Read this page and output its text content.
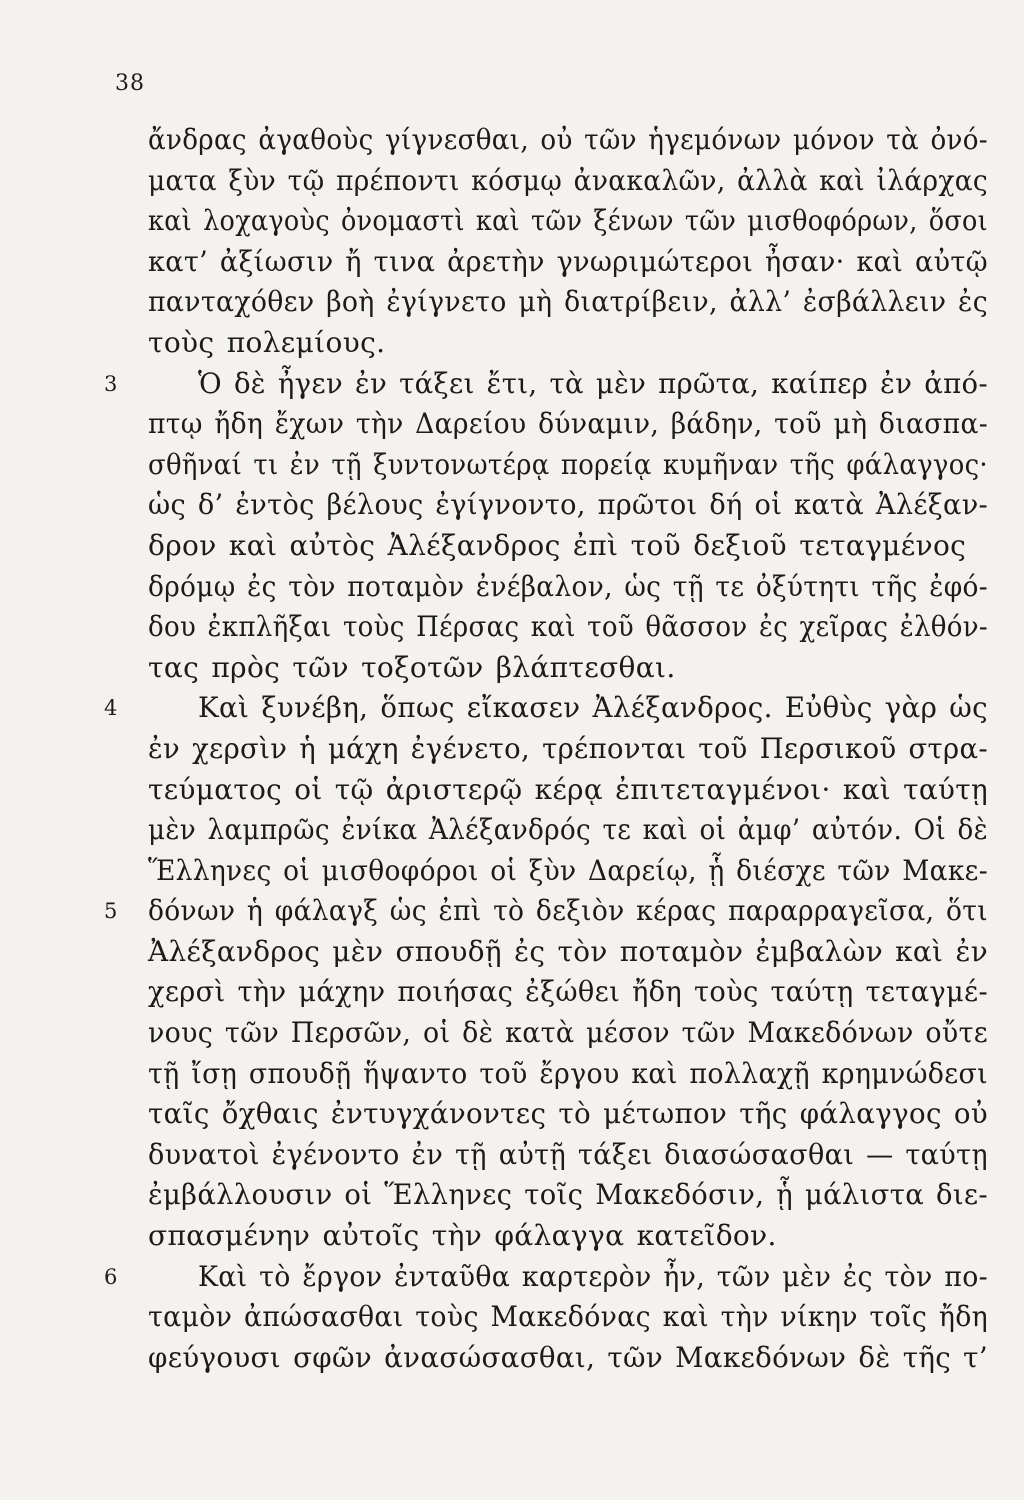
38
ἄνδρας ἀγαθοὺς γίγνεσθαι, οὐ τῶν ἡγεμόνων μόνον τὰ ὀνό-
ματα ξὺν τῷ πρέποντι κόσμῳ ἀνακαλῶν, ἀλλὰ καὶ ἰλάρχας
καὶ λοχαγοὺς ὀνομαστὶ καὶ τῶν ξένων τῶν μισθοφόρων, ὅσοι
κατ’ ἀξίωσιν ἤ τινα ἀρετὴν γνωριμώτεροι ἦσαν· καὶ αὐτῷ
πανταχόθεν βοὴ ἐγίγνετο μὴ διατρίβειν, ἀλλ’ ἐσβάλλειν ἐς
τοὺς πολεμίους.
3	Ὁ δὲ ἦγεν ἐν τάξει ἔτι, τὰ μὲν πρῶτα, καίπερ ἐν ἀπό-
πτῳ ἤδη ἔχων τὴν Δαρείου δύναμιν, βάδην, τοῦ μὴ διασπα-
σθῆναί τι ἐν τῇ ξυντονωτέρᾳ πορείᾳ κυμῆναν τῆς φάλαγγος·
ὡς δ’ ἐντὸς βέλους ἐγίγνοντο, πρῶτοι δή οἱ κατὰ Ἀλέξαν-
δρον καὶ αὐτὸς Ἀλέξανδρος ἐπὶ τοῦ δεξιοῦ τεταγμένος
δρόμῳ ἐς τὸν ποταμὸν ἐνέβαλον, ὡς τῇ τε ὀξύτητι τῆς ἐφό-
δου ἐκπλῆξαι τοὺς Πέρσας καὶ τοῦ θᾶσσον ἐς χεῖρας ἐλθόν-
τας πρὸς τῶν τοξοτῶν βλάπτεσθαι.
4	Καὶ ξυνέβη, ὅπως εἴκασεν Ἀλέξανδρος. Εὐθὺς γὰρ ὡς
ἐν χερσὶν ἡ μάχη ἐγένετο, τρέπονται τοῦ Περσικοῦ στρα-
τεύματος οἱ τῷ ἀριστερῷ κέρᾳ ἐπιτεταγμένοι· καὶ ταύτῃ
μὲν λαμπρῶς ἐνίκα Ἀλέξανδρός τε καὶ οἱ ἀμφ’ αὐτόν. Οἱ δὲ
Ἕλληνες οἱ μισθοφόροι οἱ ξὺν Δαρείῳ, ᾗ διέσχε τῶν Μακε-
5 δόνων ἡ φάλαγξ ὡς ἐπὶ τὸ δεξιὸν κέρας παραρραγεῖσα, ὅτι
Ἀλέξανδρος μὲν σπουδῇ ἐς τὸν ποταμὸν ἐμβαλὼν καὶ ἐν
χερσὶ τὴν μάχην ποιήσας ἐξώθει ἤδη τοὺς ταύτῃ τεταγμέ-
νους τῶν Περσῶν, οἱ δὲ κατὰ μέσον τῶν Μακεδόνων οὔτε
τῇ ἴσῃ σπουδῇ ἥψαντο τοῦ ἔργου καὶ πολλαχῇ κρημνώδεσι
ταῖς ὄχθαις ἐντυγχάνοντες τὸ μέτωπον τῆς φάλαγγος οὐ
δυνατοὶ ἐγένοντο ἐν τῇ αὐτῇ τάξει διασώσασθαι — ταύτῃ
ἐμβάλλουσιν οἱ Ἕλληνες τοῖς Μακεδόσιν, ᾗ μάλιστα διε-
σπασμένην αὐτοῖς τὴν φάλαγγα κατεῖδον.
6	Καὶ τὸ ἔργον ἐνταῦθα καρτερὸν ἦν, τῶν μὲν ἐς τὸν πο-
ταμὸν ἀπώσασθαι τοὺς Μακεδόνας καὶ τὴν νίκην τοῖς ἤδη
φεύγουσι σφῶν ἀνασώσασθαι, τῶν Μακεδόνων δὲ τῆς τ’
